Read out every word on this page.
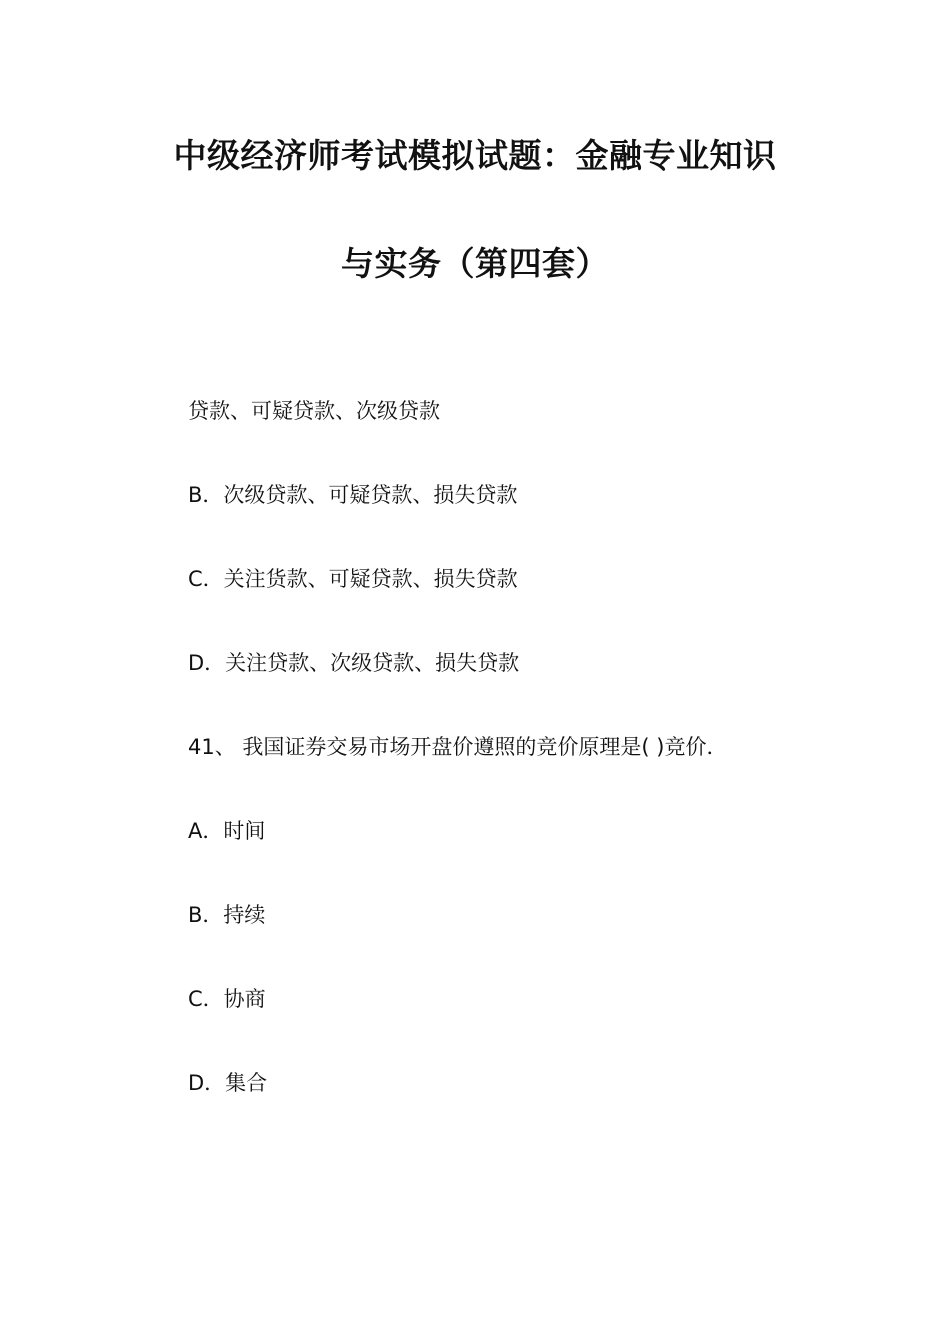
中级经济师考试模拟试题：金融专业知识
与实务（第四套）
贷款、可疑贷款、次级贷款
B．次级贷款、可疑贷款、损失贷款
C．关注货款、可疑贷款、损失贷款
D．关注贷款、次级贷款、损失贷款
41、 我国证券交易市场开盘价遵照的竞价原理是( )竞价．
A．时间
B．持续
C．协商
D．集合
